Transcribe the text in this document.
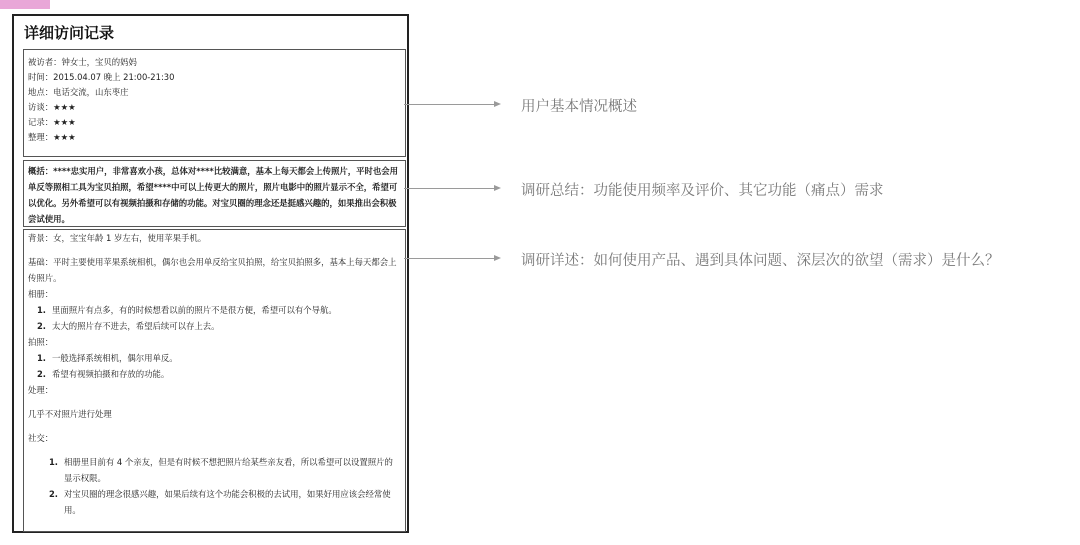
详细访问记录
被访者：钟女士，宝贝的妈妈
时间：2015.04.07 晚上 21:00-21:30
地点：电话交流，山东枣庄
访谈：★★★
记录：★★★
整理：★★★
概括：****忠实用户，非常喜欢小孩，总体对****比较满意，基本上每天都会上传照片，平时也会用单反等照相工具为宝贝拍照，希望****中可以上传更大的照片，照片电影中的照片显示不全，希望可以优化。另外希望可以有视频拍摄和存储的功能。对宝贝圈的理念还是挺感兴趣的，如果推出会积极尝试使用。
背景：女，宝宝年龄 1 岁左右，使用苹果手机。
基础：平时主要使用苹果系统相机，偶尔也会用单反给宝贝拍照，给宝贝拍照多，基本上每天都会上传照片。
相册：
1. 里面照片有点多，有的时候想看以前的照片不是很方便，希望可以有个导航。
2. 太大的照片存不进去，希望后续可以存上去。
拍照：
1. 一般选择系统相机，偶尔用单反。
2. 希望有视频拍摄和存放的功能。
处理：
几乎不对照片进行处理
社交：
1. 相册里目前有 4 个亲友，但是有时候不想把照片给某些亲友看，所以希望可以设置照片的显示权限。
2. 对宝贝圈的理念很感兴趣，如果后续有这个功能会积极的去试用，如果好用应该会经常使用。
用户基本情况概述
调研总结：功能使用频率及评价、其它功能（痛点）需求
调研详述：如何使用产品、遇到具体问题、深层次的欲望（需求）是什么？
